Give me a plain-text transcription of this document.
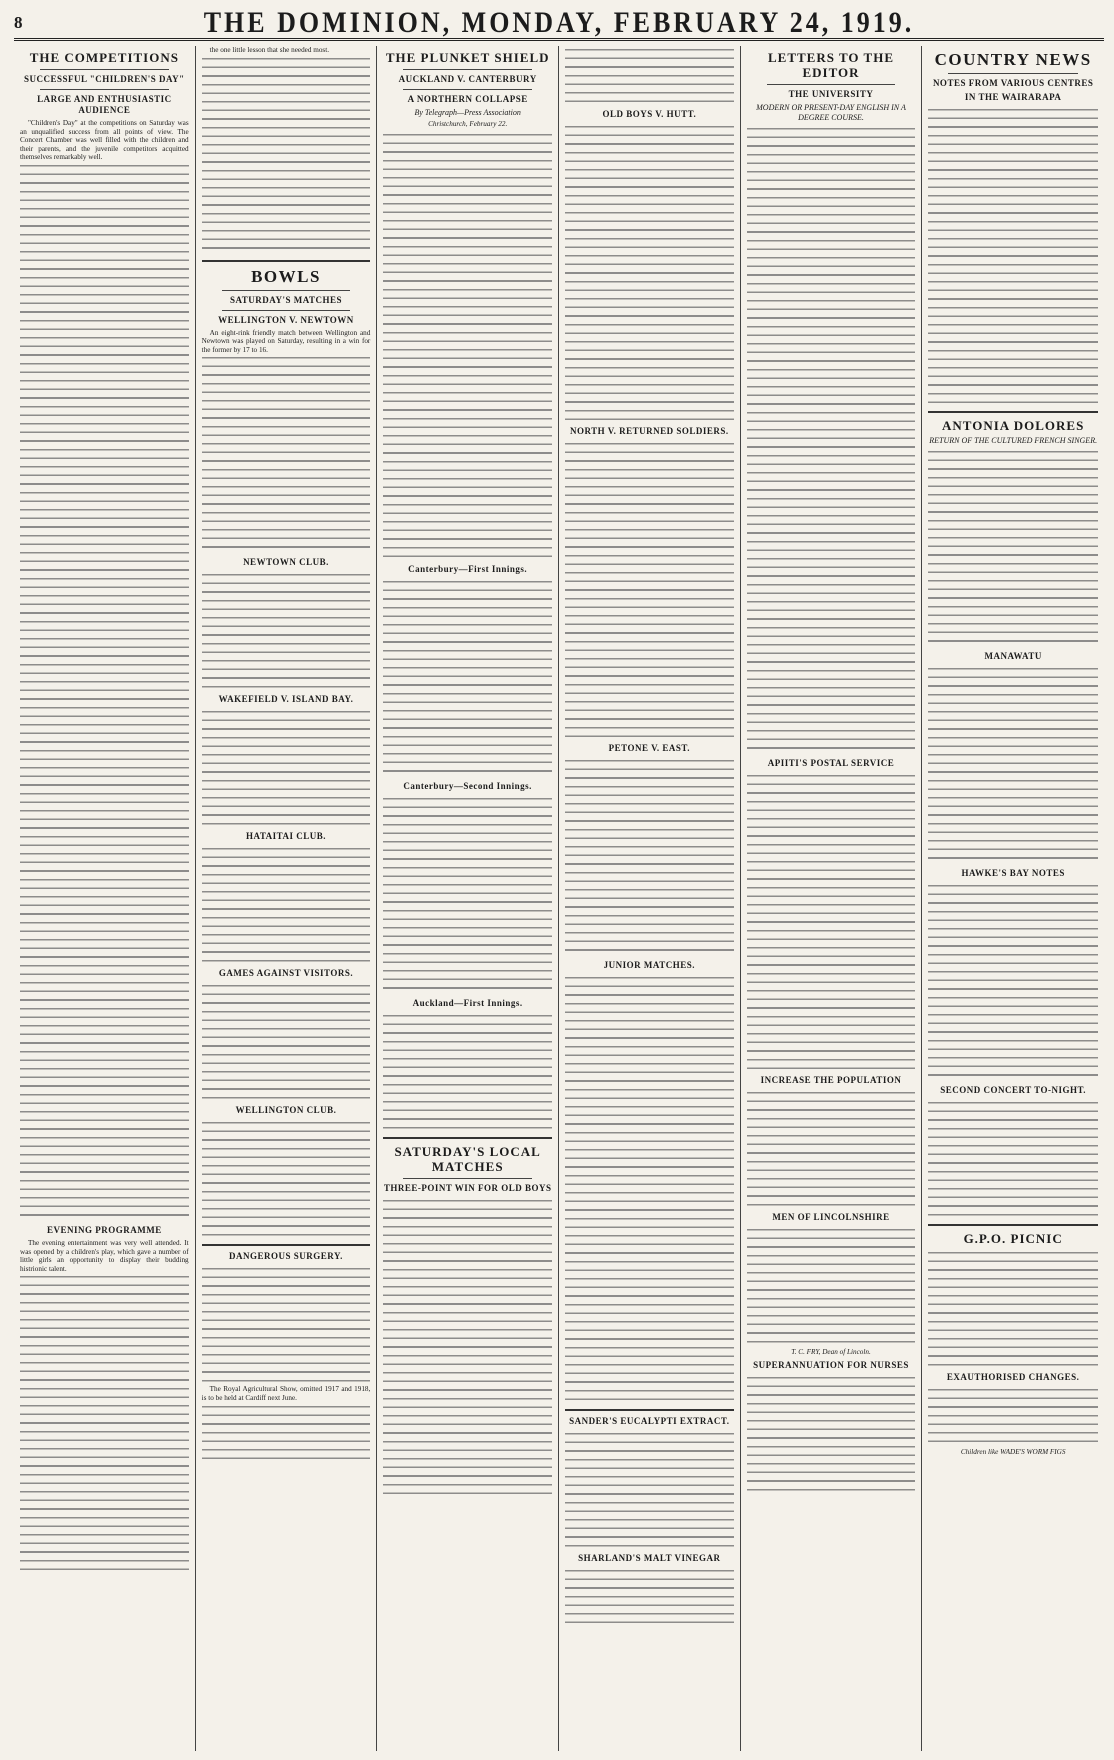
8	THE DOMINION, MONDAY, FEBRUARY 24, 1919.
THE COMPETITIONS
SUCCESSFUL "CHILDREN'S DAY"
LARGE AND ENTHUSIASTIC AUDIENCE

"Children's Day" at the competitions on Saturday was an unqualified success from all points of view. The Concert Chamber was well filled with the children and their parents, and the juvenile competitors acquitted themselves remarkably well.

EVENING PROGRAMME

The evening entertainment was very well attended. It was opened by a children's play, which gave a number of little girls an opportunity to display their budding histrionic talent.

the one little lesson that she needed most.

BOWLS
SATURDAY'S MATCHES
WELLINGTON V. NEWTOWN

An eight-rink friendly match between Wellington and Newtown was played on Saturday, resulting in a win for the former by 17 to 16.

NEWTOWN CLUB.
WAKEFIELD V. ISLAND BAY.
HATAITAI CLUB.
GAMES AGAINST VISITORS.
WELLINGTON CLUB.
DANGEROUS SURGERY.

The Royal Agricultural Show, omitted 1917 and 1918, is to be held at Cardiff next June.

THE PLUNKET SHIELD
AUCKLAND V. CANTERBURY
A NORTHERN COLLAPSE
By Telegraph—Press Association
Christchurch, February 22.
Canterbury—First Innings.
Canterbury—Second Innings.
Auckland—First Innings.
SATURDAY'S LOCAL MATCHES
THREE-POINT WIN FOR OLD BOYS
OLD BOYS V. HUTT.
NORTH V. RETURNED SOLDIERS.
PETONE V. EAST.
JUNIOR MATCHES.
SANDER'S EUCALYPTI EXTRACT.
SHARLAND'S MALT VINEGAR
LETTERS TO THE EDITOR
THE UNIVERSITY
MODERN OR PRESENT-DAY ENGLISH IN A DEGREE COURSE.
APIITI'S POSTAL SERVICE
INCREASE THE POPULATION
MEN OF LINCOLNSHIRE
T. C. FRY, Dean of Lincoln.
SUPERANNUATION FOR NURSES
COUNTRY NEWS
NOTES FROM VARIOUS CENTRES
IN THE WAIRARAPA
ANTONIA DOLORES
RETURN OF THE CULTURED FRENCH SINGER.
MANAWATU
HAWKE'S BAY NOTES
SECOND CONCERT TO-NIGHT.
G.P.O. PICNIC
EXAUTHORISED CHANGES.
Children like WADE'S WORM FIGS
